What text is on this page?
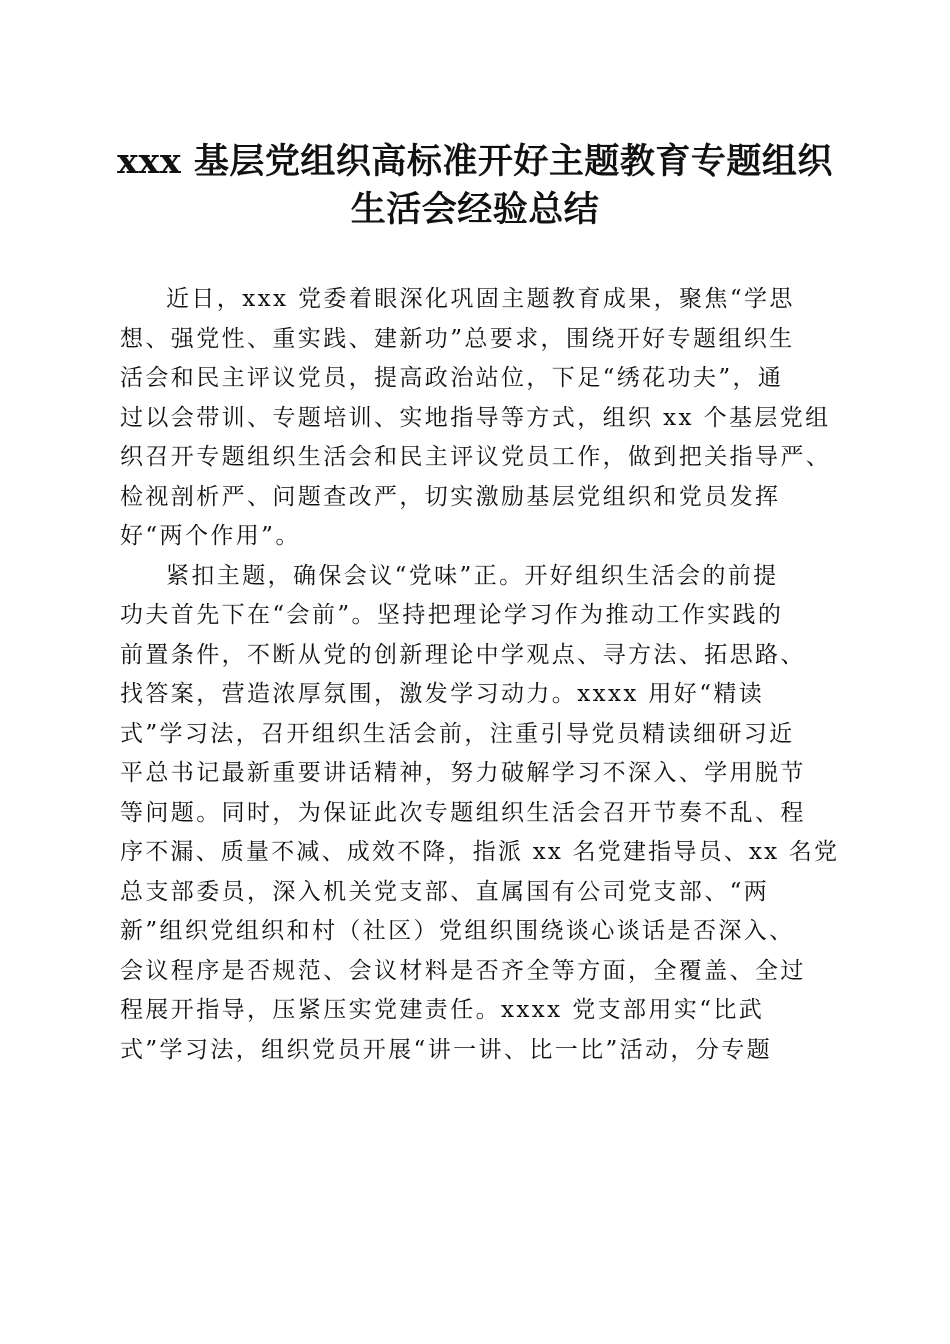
xxx 基层党组织高标准开好主题教育专题组织
生活会经验总结
近日，xxx 党委着眼深化巩固主题教育成果，聚焦“学思
想、强党性、重实践、建新功”总要求，围绕开好专题组织生
活会和民主评议党员，提高政治站位，下足“绣花功夫”，通
过以会带训、专题培训、实地指导等方式，组织 xx 个基层党组
织召开专题组织生活会和民主评议党员工作，做到把关指导严、
检视剖析严、问题查改严，切实激励基层党组织和党员发挥
好“两个作用”。
紧扣主题，确保会议“党味”正。开好组织生活会的前提
功夫首先下在“会前”。坚持把理论学习作为推动工作实践的
前置条件，不断从党的创新理论中学观点、寻方法、拓思路、
找答案，营造浓厚氛围，激发学习动力。xxxx 用好“精读
式”学习法，召开组织生活会前，注重引导党员精读细研习近
平总书记最新重要讲话精神，努力破解学习不深入、学用脱节
等问题。同时，为保证此次专题组织生活会召开节奏不乱、程
序不漏、质量不减、成效不降，指派 xx 名党建指导员、xx 名党
总支部委员，深入机关党支部、直属国有公司党支部、“两
新”组织党组织和村（社区）党组织围绕谈心谈话是否深入、
会议程序是否规范、会议材料是否齐全等方面，全覆盖、全过
程展开指导，压紧压实党建责任。xxxx 党支部用实“比武
式”学习法，组织党员开展“讲一讲、比一比”活动，分专题
